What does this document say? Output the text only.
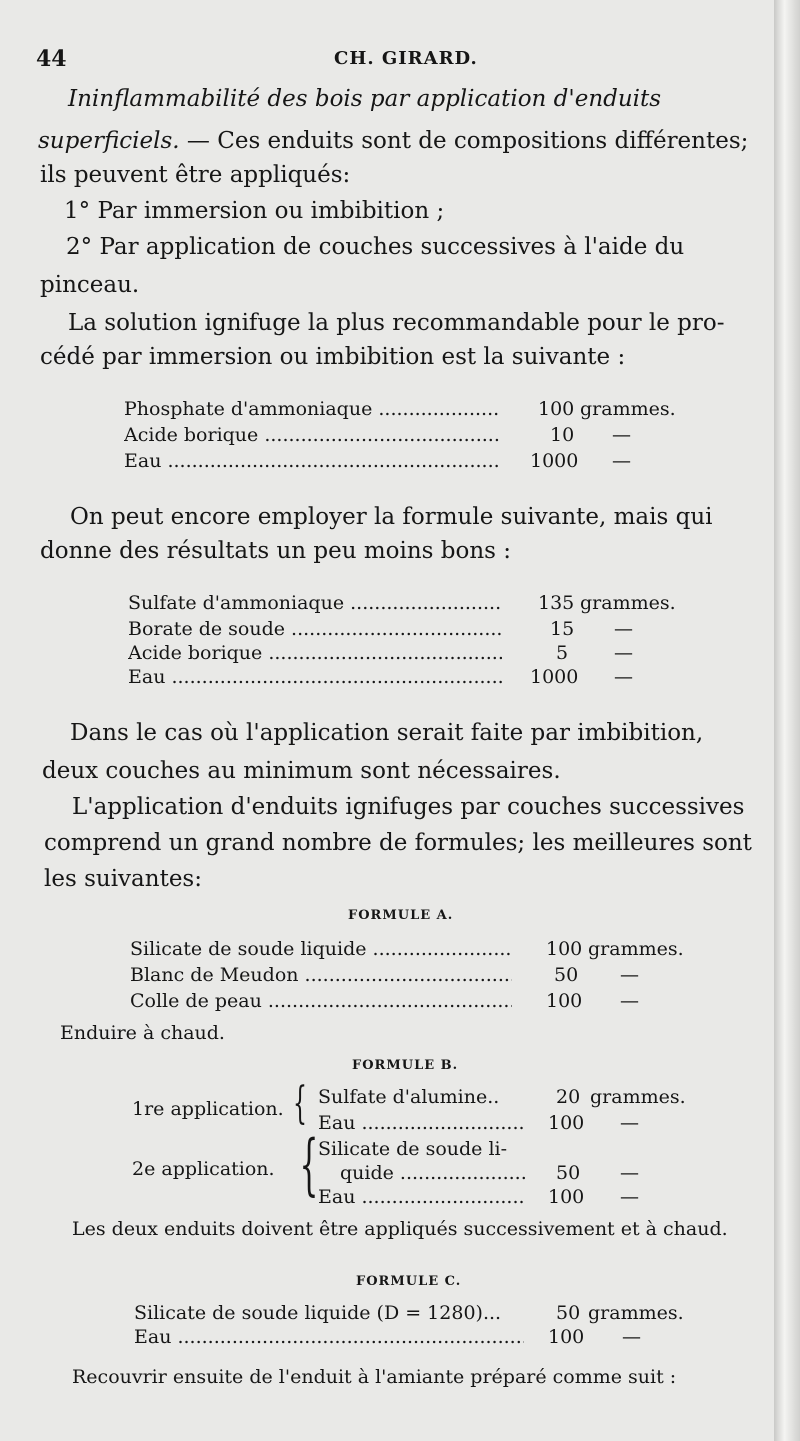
44	CH. GIRARD.
Ininflammabilité des bois par application d'enduits
superficiels. — Ces enduits sont de compositions différentes;
ils peuvent être appliqués:
1° Par immersion ou imbibition ;
2° Par application de couches successives à l'aide du
pinceau.
La solution ignifuge la plus recommandable pour le pro-
cédé par immersion ou imbibition est la suivante :
Phosphate d'ammoniaque .....	100 grammes.
Acide borique .....	10 —
Eau .....	1000 —
On peut encore employer la formule suivante, mais qui
donne des résultats un peu moins bons :
Sulfate d'ammoniaque .....	135 grammes.
Borate de soude .....	15 —
Acide borique .....	5 —
Eau .....	1000 —
Dans le cas où l'application serait faite par imbibition,
deux couches au minimum sont nécessaires.
L'application d'enduits ignifuges par couches successives
comprend un grand nombre de formules; les meilleures sont
les suivantes:
FORMULE A.
Silicate de soude liquide .....	100 grammes.
Blanc de Meudon .....	50 —
Colle de peau .....	100 —
Enduire à chaud.
FORMULE B.
1re application. { Sulfate d'alumine..	20 grammes.
Eau .....	100 —
2e application. { Silicate de soude li-
quide .....	50 —
Eau .....	100 —
Les deux enduits doivent être appliqués successivement et à chaud.
FORMULE C.
Silicate de soude liquide (D = 1280)...	50 grammes.
Eau .....	100 —
Recouvrir ensuite de l'enduit à l'amiante préparé comme suit :
